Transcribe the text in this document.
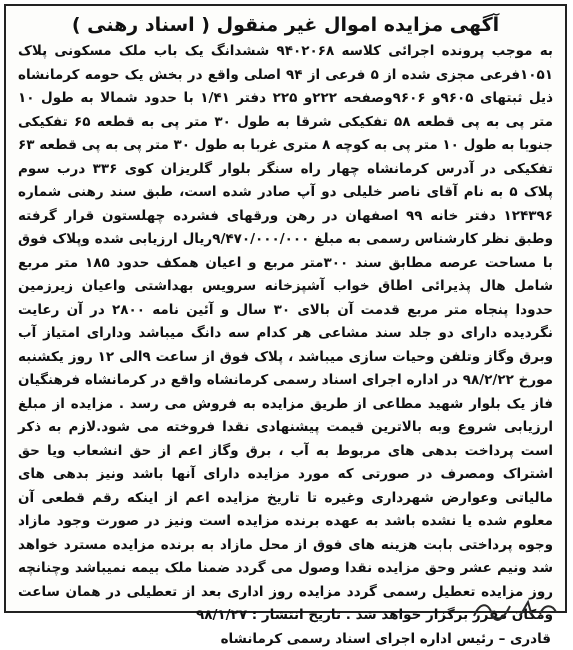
آگهی مزایده اموال غیر منقول ( اسناد رهنی )

به موجب پرونده اجرائی کلاسه ۹۴۰۲۰۶۸ ششدانگ یک باب ملک مسکونی پلاک ۱۰۵۱فرعی مجزی شده از ۵ فرعی از ۹۴ اصلی واقع در بخش یک حومه کرمانشاه ذیل ثبتهای ۹۶۰۵و ۹۶۰۶وصفحه ۲۲۲و ۲۲۵ دفتر ۱/۴۱ با حدود شمالا به طول ۱۰ متر پی به پی قطعه ۵۸ تفکیکی شرقا به طول ۳۰ متر پی به قطعه ۶۵ تفکیکی جنوبا به طول ۱۰ متر پی به کوچه ۸ متری غربا به طول ۳۰ متر پی به پی قطعه ۶۳ تفکیکی در آدرس کرمانشاه چهار راه سنگر بلوار گلریزان کوی ۳۳۶ درب سوم پلاک ۵ به نام آقای ناصر خلیلی دو آپ صادر شده است، طبق سند رهنی شماره ۱۲۴۳۹۶ دفتر خانه ۹۹ اصفهان در رهن ورقهای فشرده چهلستون قرار گرفته وطبق نظر کارشناس رسمی به مبلغ ۹/۴۷۰/۰۰۰/۰۰۰ریال ارزیابی شده وپلاک فوق با مساحت عرصه مطابق سند ۳۰۰متر مربع و اعیان همکف حدود ۱۸۵ متر مربع شامل هال پذیرائی اطاق خواب آشپزخانه سرویس بهداشتی واعیان زیرزمین حدودا پنجاه متر مربع قدمت آن بالای ۳۰ سال و آئین نامه ۲۸۰۰ در آن رعایت نگردیده دارای دو جلد سند مشاعی هر کدام سه دانگ میباشد ودارای امتیاز آب وبرق وگاز وتلفن وحیات سازی میباشد ، پلاک فوق از ساعت ۹الی ۱۲ روز یکشنبه مورخ ۹۸/۲/۲۲ در اداره اجرای اسناد رسمی کرمانشاه واقع در کرمانشاه فرهنگیان فاز یک بلوار شهید مطاعی از طریق مزایده به فروش می رسد . مزایده از مبلغ ارزیابی شروع وبه بالاترین قیمت پیشنهادی نقدا فروخته می شود.لازم به ذکر است پرداخت بدهی های مربوط به آب ، برق وگاز اعم از حق انشعاب ویا حق اشتراک ومصرف در صورتی که مورد مزایده دارای آنها باشد ونیز بدهی های مالیاتی وعوارض شهرداری وغیره تا تاریخ مزایده اعم از اینکه رقم قطعی آن معلوم شده یا نشده باشد به عهده برنده مزایده است ونیز در صورت وجود مازاد وجوه پرداختی بابت هزینه های فوق از محل مازاد به برنده مزایده مسترد خواهد شد ونیم عشر وحق مزایده نقدا وصول می گردد ضمنا ملک بیمه نمیباشد وچنانچه روز مزایده تعطیل رسمی گردد مزایده روز اداری بعد از تعطیلی در همان ساعت ومکان مقرر برگزار خواهد شد . تاریخ انتشار : ۹۸/۱/۲۷

قادری – رئیس اداره اجرای اسناد رسمی کرمانشاه
